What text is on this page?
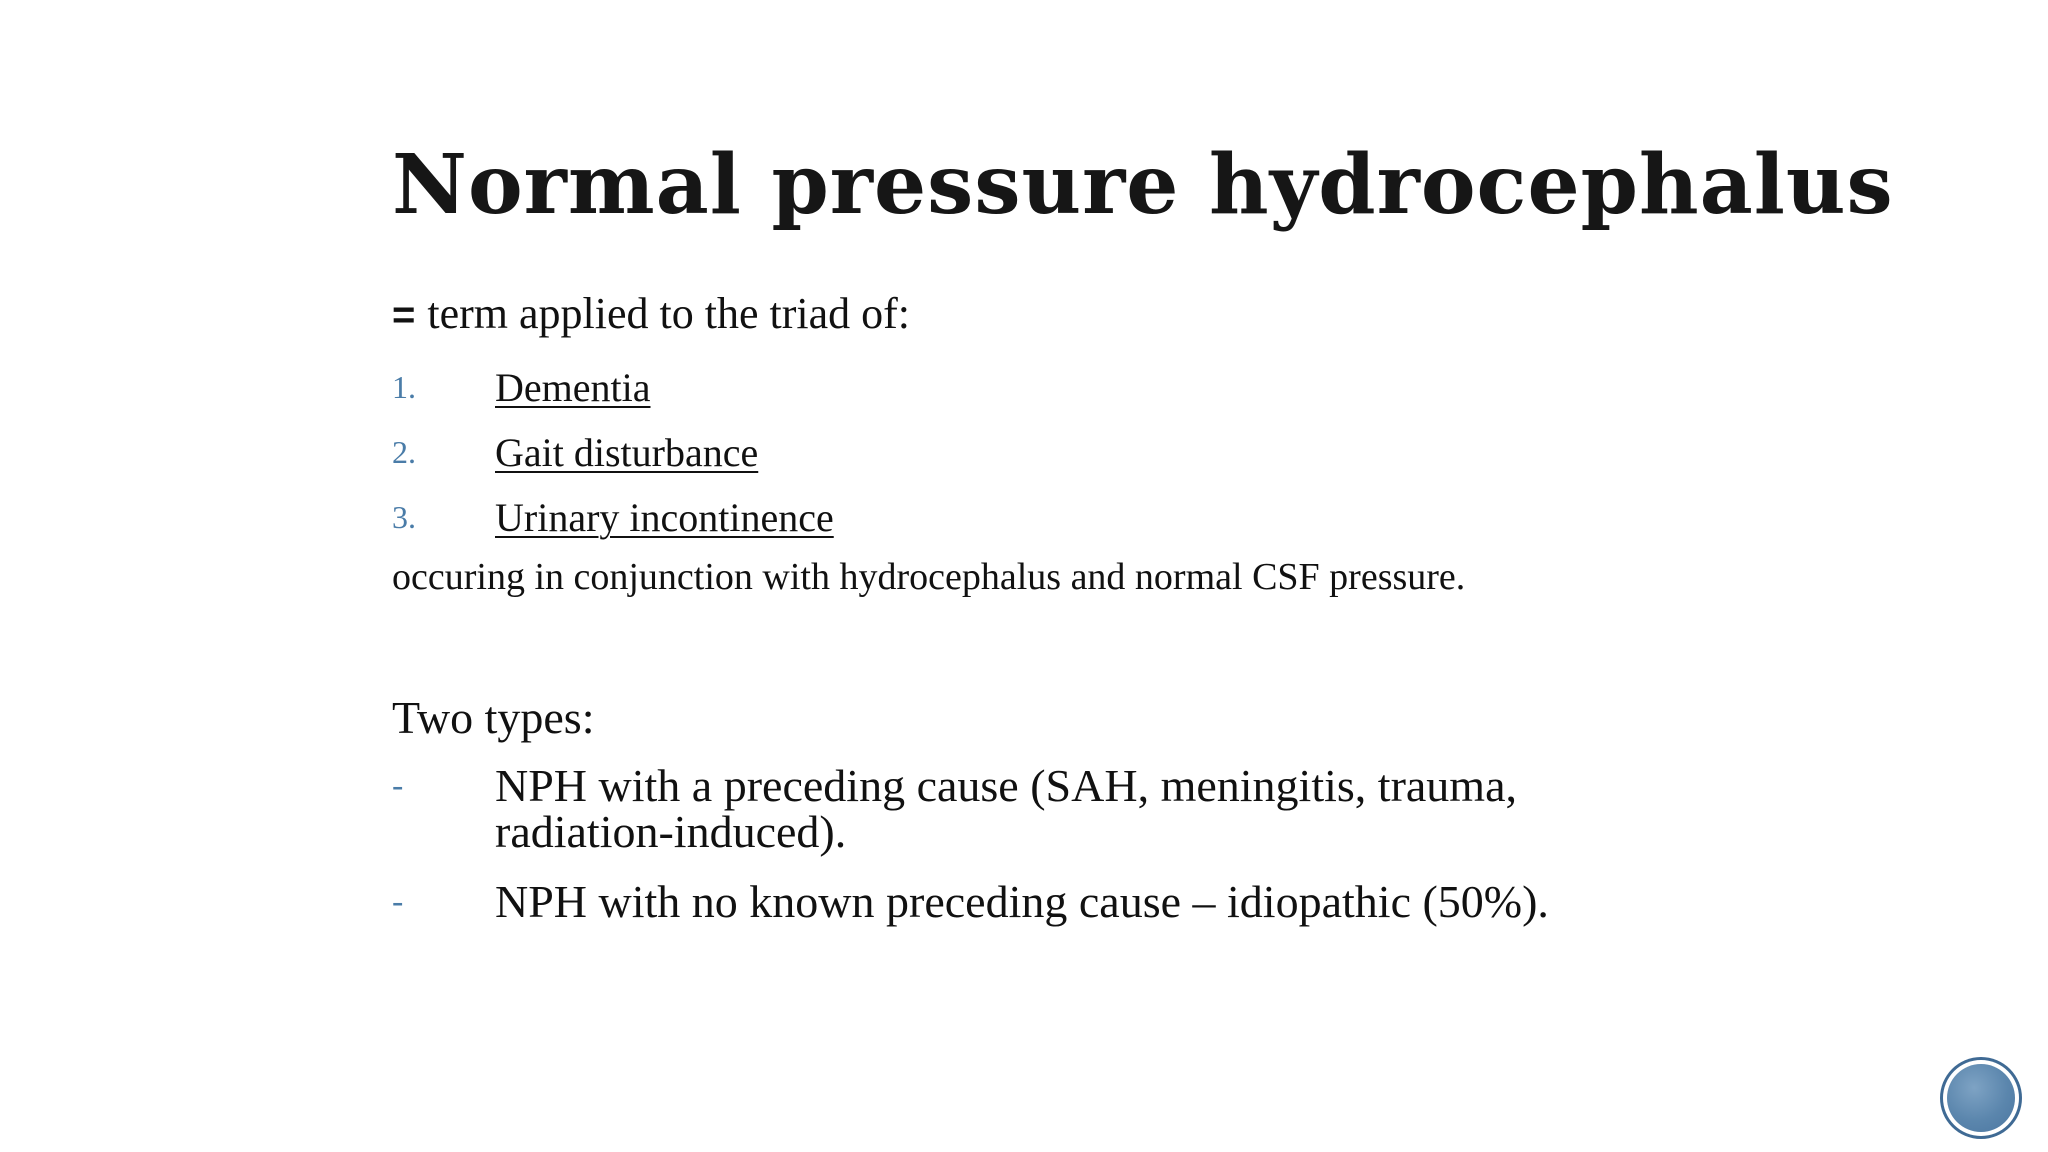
Normal pressure hydrocephalus

= term applied to the triad of:

1.	Dementia
2.	Gait disturbance
3.	Urinary incontinence

occuring in conjunction with hydrocephalus and normal CSF pressure.

Two types:

-	NPH with a preceding cause (SAH, meningitis, trauma, radiation-induced).
-	NPH with no known preceding cause – idiopathic (50%).
